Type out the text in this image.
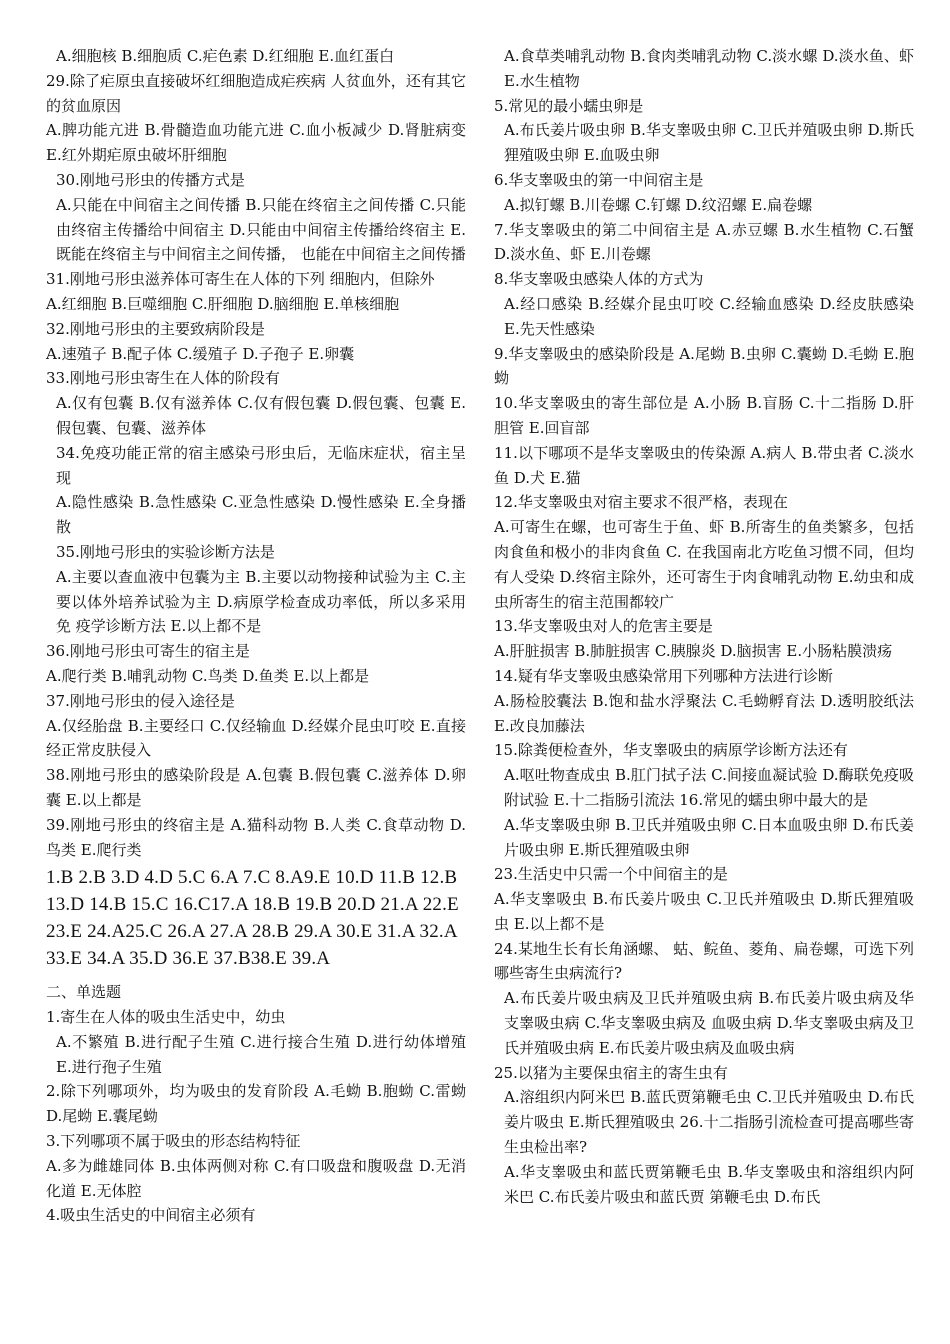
A.细胞核 B.细胞质 C.疟色素 D.红细胞 E.血红蛋白

29.除了疟原虫直接破坏红细胞造成疟疾病 人贫血外，还有其它的贫血原因

A.脾功能亢进 B.骨髓造血功能亢进 C.血小板减少 D.肾脏病变 E.红外期疟原虫破坏肝细胞

30.刚地弓形虫的传播方式是

A.只能在中间宿主之间传播 B.只能在终宿主之间传播 C.只能由终宿主传播给中间宿主 D.只能由中间宿主传播给终宿主 E.既能在终宿主与中间宿主之间传播， 也能在中间宿主之间传播

31.刚地弓形虫滋养体可寄生在人体的下列 细胞内，但除外

A.红细胞 B.巨噬细胞 C.肝细胞 D.脑细胞 E.单核细胞

32.刚地弓形虫的主要致病阶段是

A.速殖子 B.配子体 C.缓殖子 D.子孢子 E.卵囊

33.刚地弓形虫寄生在人体的阶段有

A.仅有包囊 B.仅有滋养体 C.仅有假包囊 D.假包囊、包囊 E.假包囊、包囊、滋养体

34.免疫功能正常的宿主感染弓形虫后，无临床症状，宿主呈现

A.隐性感染 B.急性感染 C.亚急性感染 D.慢性感染 E.全身播散

35.刚地弓形虫的实验诊断方法是

A.主要以查血液中包囊为主 B.主要以动物接种试验为主 C.主要以体外培养试验为主 D.病原学检查成功率低，所以多采用免 疫学诊断方法 E.以上都不是

36.刚地弓形虫可寄生的宿主是

A.爬行类 B.哺乳动物 C.鸟类 D.鱼类 E.以上都是

37.刚地弓形虫的侵入途径是

A.仅经胎盘 B.主要经口 C.仅经输血 D.经媒介昆虫叮咬 E.直接经正常皮肤侵入

38.刚地弓形虫的感染阶段是 A.包囊 B.假包囊 C.滋养体 D.卵囊 E.以上都是

39.刚地弓形虫的终宿主是 A.猫科动物 B.人类 C.食草动物 D.鸟类 E.爬行类

1.B 2.B 3.D 4.D 5.C 6.A 7.C 8.A9.E 10.D 11.B 12.B 13.D 14.B 15.C 16.C17.A 18.B 19.B 20.D 21.A 22.E 23.E 24.A25.C 26.A 27.A 28.B 29.A 30.E 31.A 32.A33.E 34.A 35.D 36.E 37.B38.E 39.A

二、单选题

1.寄生在人体的吸虫生活史中，幼虫

A.不繁殖 B.进行配子生殖 C.进行接合生殖 D.进行幼体增殖 E.进行孢子生殖

2.除下列哪项外，均为吸虫的发育阶段 A.毛蚴 B.胞蚴 C.雷蚴 D.尾蚴 E.囊尾蚴

3.下列哪项不属于吸虫的形态结构特征

A.多为雌雄同体 B.虫体两侧对称 C.有口吸盘和腹吸盘 D.无消化道 E.无体腔

4.吸虫生活史的中间宿主必须有

A.食草类哺乳动物 B.食肉类哺乳动物 C.淡水螺 D.淡水鱼、虾 E.水生植物

5.常见的最小蠕虫卵是

A.布氏姜片吸虫卵 B.华支睾吸虫卵 C.卫氏并殖吸虫卵 D.斯氏狸殖吸虫卵 E.血吸虫卵

6.华支睾吸虫的第一中间宿主是

A.拟钉螺 B.川卷螺 C.钉螺 D.纹沼螺 E.扁卷螺

7.华支睾吸虫的第二中间宿主是 A.赤豆螺 B.水生植物 C.石蟹 D.淡水鱼、虾 E.川卷螺

8.华支睾吸虫感染人体的方式为

A.经口感染 B.经媒介昆虫叮咬 C.经输血感染 D.经皮肤感染 E.先天性感染

9.华支睾吸虫的感染阶段是 A.尾蚴 B.虫卵 C.囊蚴 D.毛蚴 E.胞蚴

10.华支睾吸虫的寄生部位是 A.小肠 B.盲肠 C.十二指肠 D.肝胆管 E.回盲部

11.以下哪项不是华支睾吸虫的传染源 A.病人 B.带虫者 C.淡水鱼 D.犬 E.猫

12.华支睾吸虫对宿主要求不很严格，表现在

A.可寄生在螺，也可寄生于鱼、虾 B.所寄生的鱼类繁多，包括肉食鱼和极小的非肉食鱼 C. 在我国南北方吃鱼习惯不同，但均有人受染 D.终宿主除外，还可寄生于肉食哺乳动物 E.幼虫和成虫所寄生的宿主范围都较广

13.华支睾吸虫对人的危害主要是

A.肝脏损害 B.肺脏损害 C.胰腺炎 D.脑损害 E.小肠粘膜溃疡

14.疑有华支睾吸虫感染常用下列哪种方法进行诊断

A.肠检胶囊法 B.饱和盐水浮聚法 C.毛蚴孵育法 D.透明胶纸法 E.改良加藤法

15.除粪便检查外，华支睾吸虫的病原学诊断方法还有

A.呕吐物查成虫 B.肛门拭子法 C.间接血凝试验 D.酶联免疫吸附试验 E.十二指肠引流法 16.常见的蠕虫卵中最大的是

A.华支睾吸虫卵 B.卫氏并殖吸虫卵 C.日本血吸虫卵 D.布氏姜片吸虫卵 E.斯氏狸殖吸虫卵

23.生活史中只需一个中间宿主的是

A.华支睾吸虫 B.布氏姜片吸虫 C.卫氏并殖吸虫 D.斯氏狸殖吸虫 E.以上都不是

24.某地生长有长角涵螺、 蛄、鲩鱼、菱角、扁卷螺，可选下列哪些寄生虫病流行?

A.布氏姜片吸虫病及卫氏并殖吸虫病 B.布氏姜片吸虫病及华支睾吸虫病 C.华支睾吸虫病及 血吸虫病 D.华支睾吸虫病及卫氏并殖吸虫病 E.布氏姜片吸虫病及血吸虫病

25.以猪为主要保虫宿主的寄生虫有

A.溶组织内阿米巴 B.蓝氏贾第鞭毛虫 C.卫氏并殖吸虫 D.布氏姜片吸虫 E.斯氏狸殖吸虫 26.十二指肠引流检查可提高哪些寄生虫检出率?

A.华支睾吸虫和蓝氏贾第鞭毛虫 B.华支睾吸虫和溶组织内阿米巴 C.布氏姜片吸虫和蓝氏贾 第鞭毛虫 D.布氏
